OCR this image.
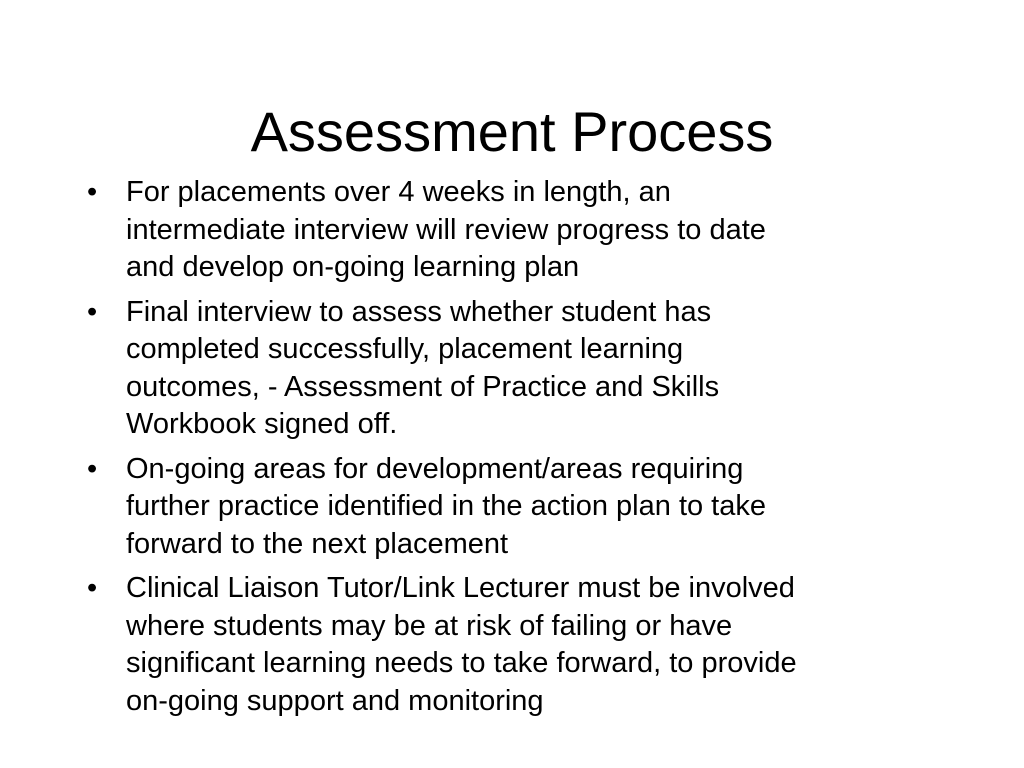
Assessment Process
• For placements over 4 weeks in length, an
intermediate interview will review progress to date
and develop on-going learning plan
• Final interview to assess whether student has
completed successfully, placement learning
outcomes, - Assessment of Practice and Skills
Workbook signed off.
• On-going areas for development/areas requiring
further practice identified in the action plan to take
forward to the next placement
• Clinical Liaison Tutor/Link Lecturer must be involved
where students may be at risk of failing or have
significant learning needs to take forward, to provide
on-going support and monitoring
